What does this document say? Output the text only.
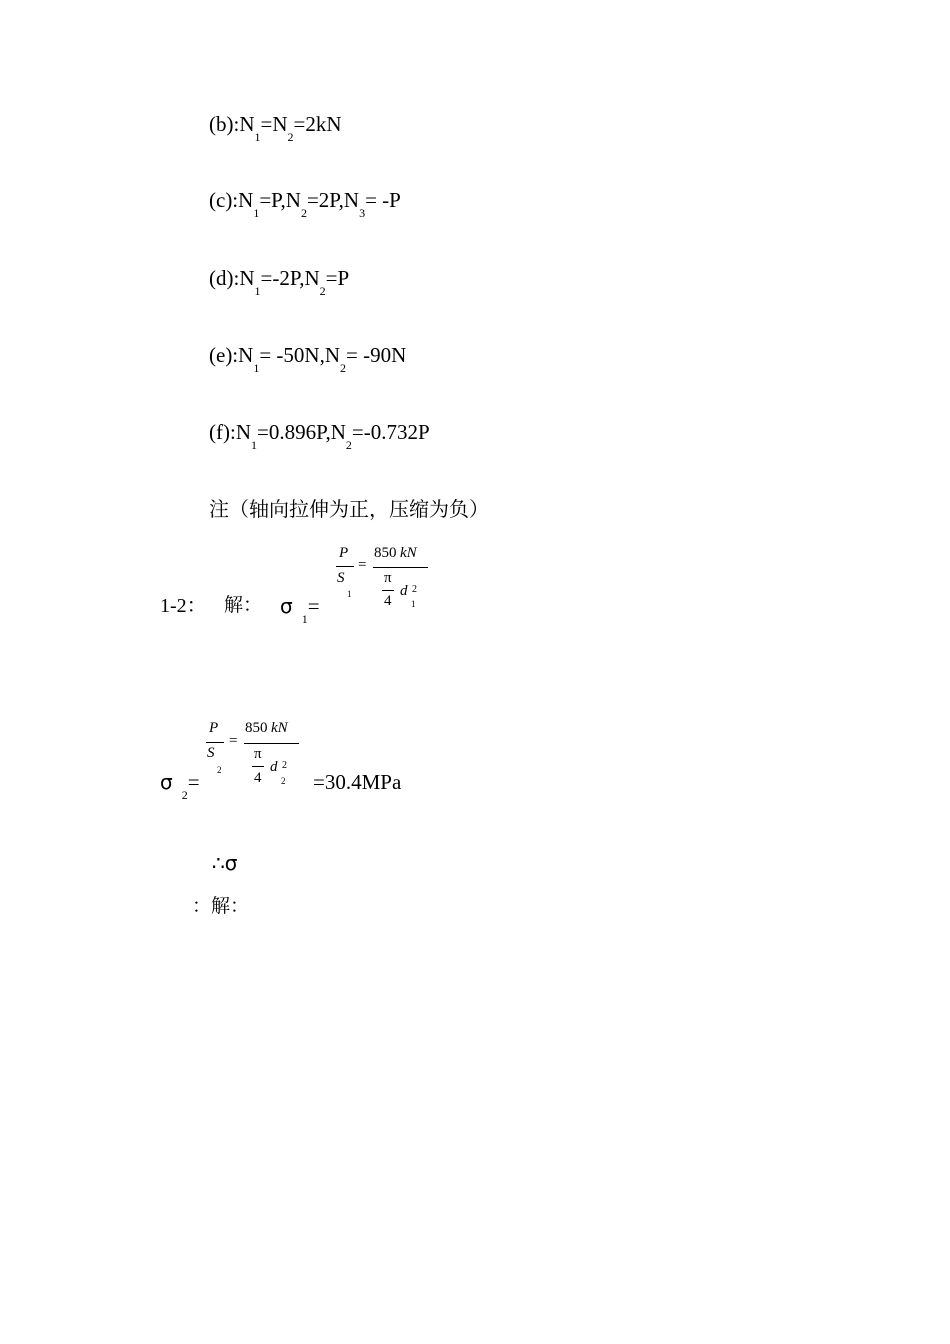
$(b):N_1=N_2=2kN$
$(c):N_1=P,N_2=2P,N_3= -P$
$(d):N_1=-2P,N_2=P$
$(e):N_1= -50N,N_2= -90N$
$(f):N_1=0.896P,N_2=-0.732P$
注（轴向拉伸为正，压缩为负）
1-2： 解： $\sigma_1=$
P
S
1
=
850 kN
π
4
d 2
1
P
S
2
=
850 kN
π
4
d 2
2
$\sigma_2=$	=30.4MPa
∴σ
：解：
